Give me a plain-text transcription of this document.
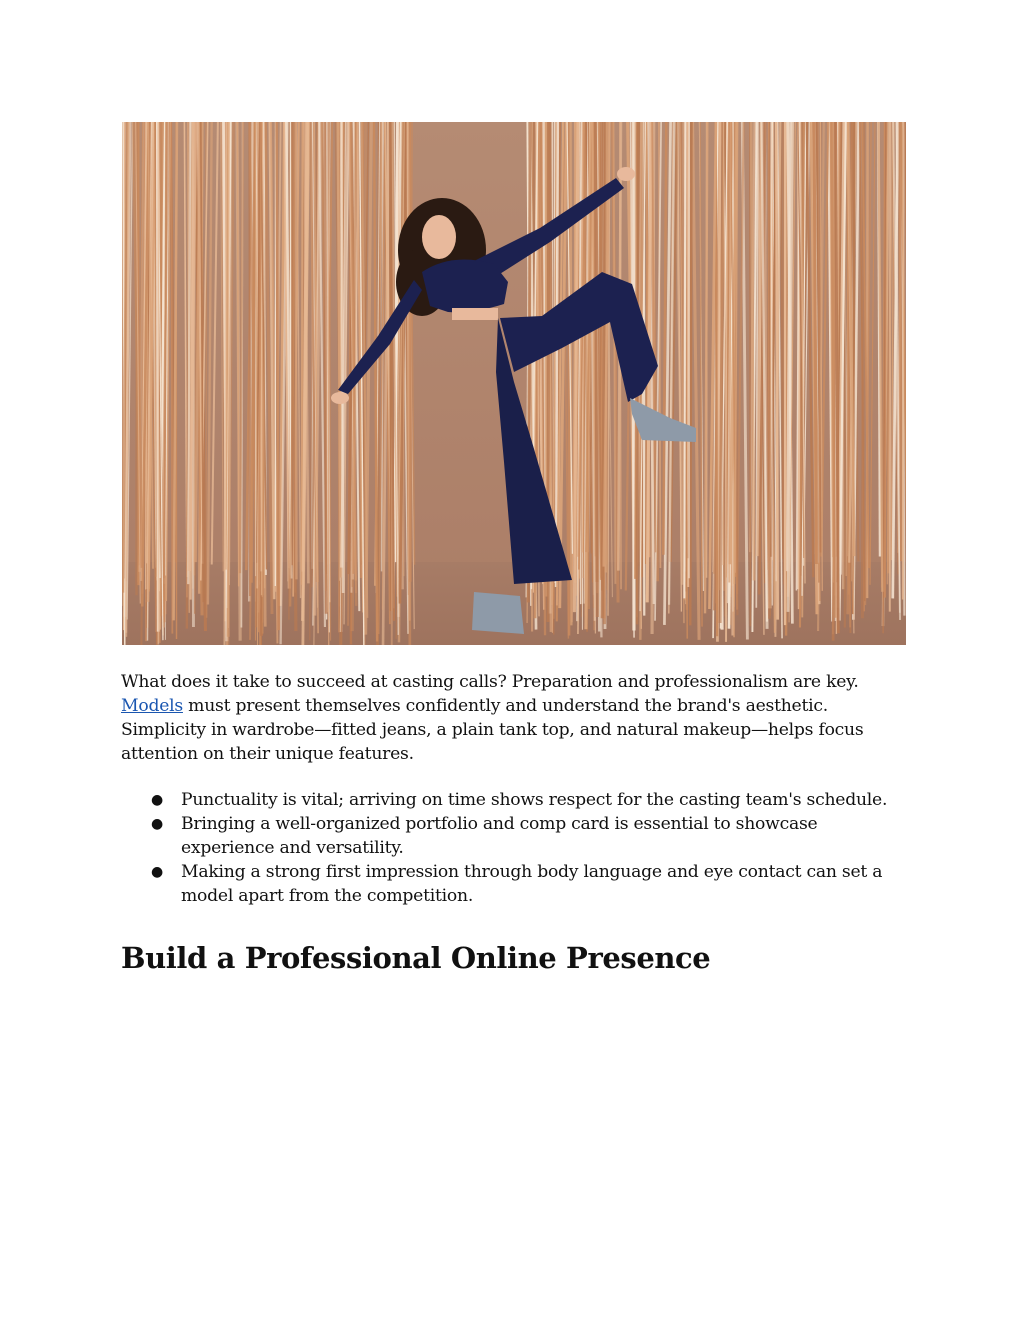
What does it take to succeed at casting calls? Preparation and professionalism are key. Models must present themselves confidently and understand the brand's aesthetic. Simplicity in wardrobe—fitted jeans, a plain tank top, and natural makeup—helps focus attention on their unique features.

● Punctuality is vital; arriving on time shows respect for the casting team's schedule.
● Bringing a well-organized portfolio and comp card is essential to showcase experience and versatility.
● Making a strong first impression through body language and eye contact can set a model apart from the competition.
Build a Professional Online Presence
